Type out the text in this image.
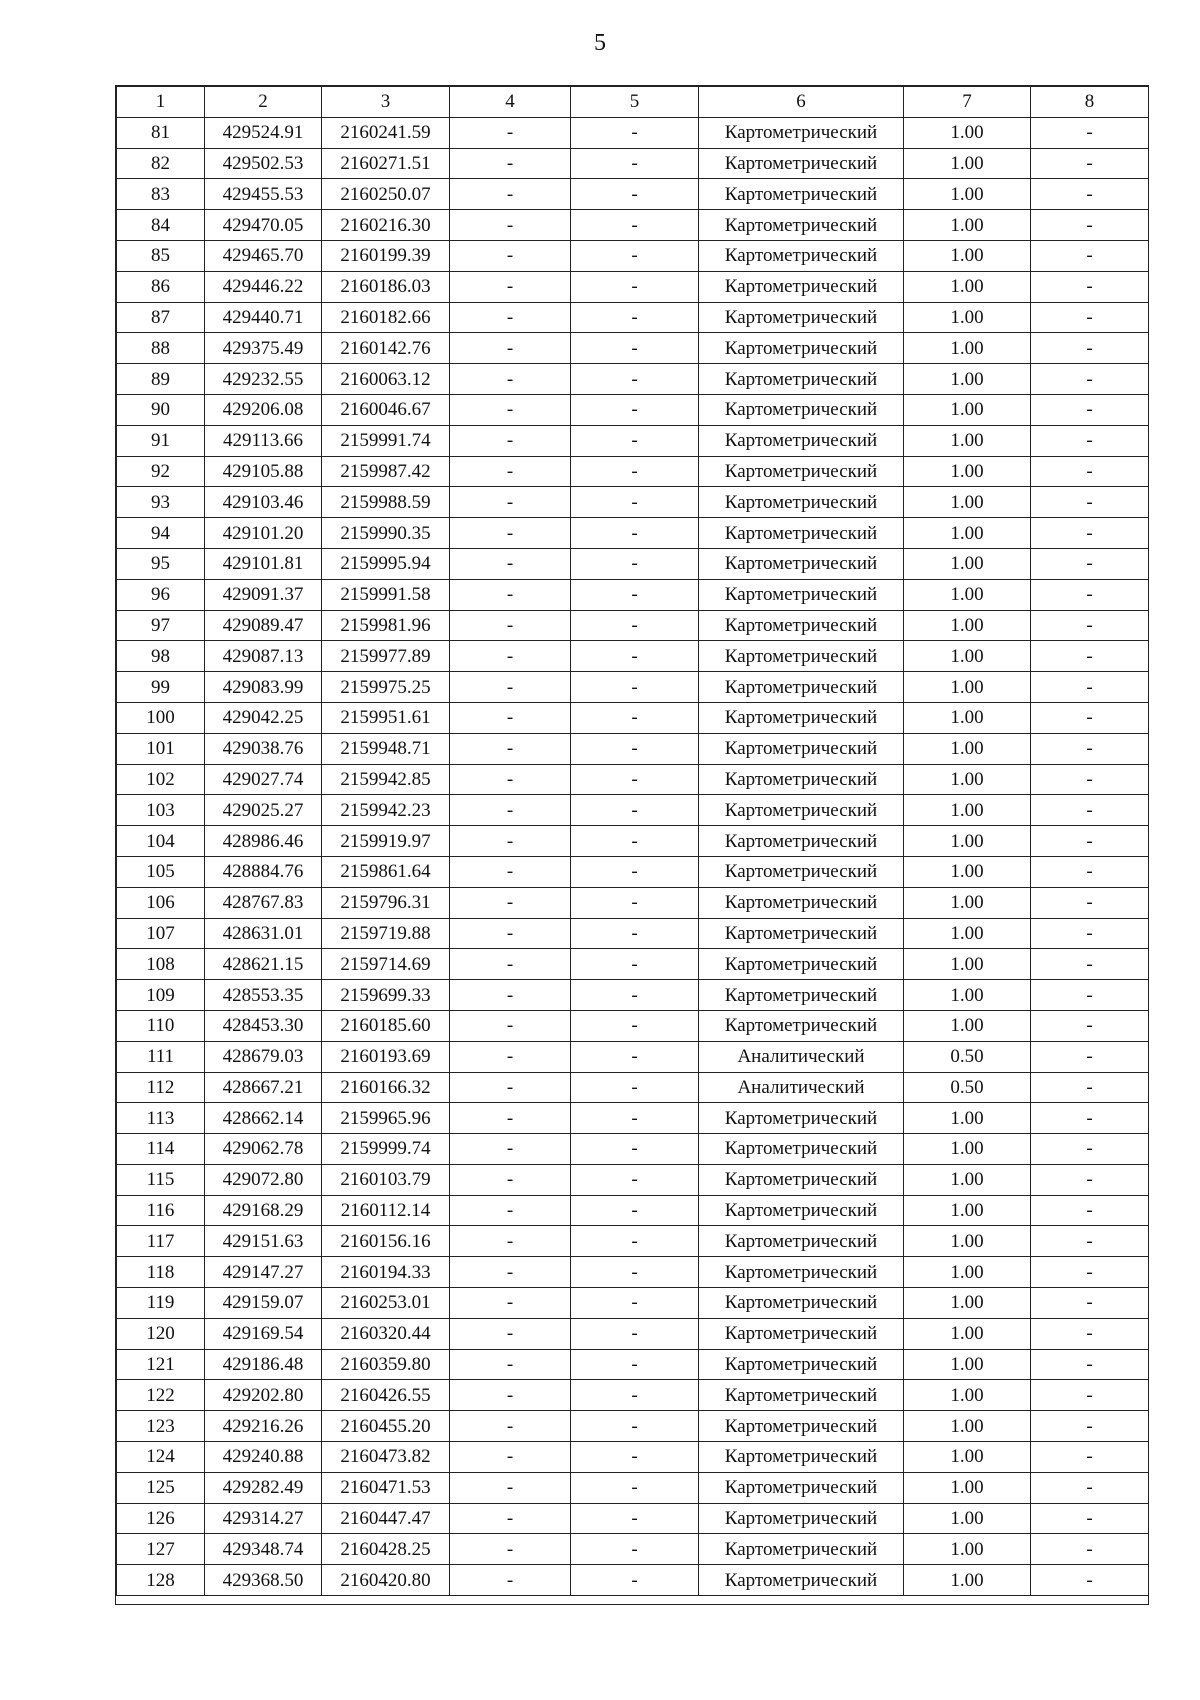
5
1	2	3	4	5	6	7	8
81	429524.91	2160241.59	-	-	Картометрический	1.00	-
82	429502.53	2160271.51	-	-	Картометрический	1.00	-
83	429455.53	2160250.07	-	-	Картометрический	1.00	-
84	429470.05	2160216.30	-	-	Картометрический	1.00	-
85	429465.70	2160199.39	-	-	Картометрический	1.00	-
86	429446.22	2160186.03	-	-	Картометрический	1.00	-
87	429440.71	2160182.66	-	-	Картометрический	1.00	-
88	429375.49	2160142.76	-	-	Картометрический	1.00	-
89	429232.55	2160063.12	-	-	Картометрический	1.00	-
90	429206.08	2160046.67	-	-	Картометрический	1.00	-
91	429113.66	2159991.74	-	-	Картометрический	1.00	-
92	429105.88	2159987.42	-	-	Картометрический	1.00	-
93	429103.46	2159988.59	-	-	Картометрический	1.00	-
94	429101.20	2159990.35	-	-	Картометрический	1.00	-
95	429101.81	2159995.94	-	-	Картометрический	1.00	-
96	429091.37	2159991.58	-	-	Картометрический	1.00	-
97	429089.47	2159981.96	-	-	Картометрический	1.00	-
98	429087.13	2159977.89	-	-	Картометрический	1.00	-
99	429083.99	2159975.25	-	-	Картометрический	1.00	-
100	429042.25	2159951.61	-	-	Картометрический	1.00	-
101	429038.76	2159948.71	-	-	Картометрический	1.00	-
102	429027.74	2159942.85	-	-	Картометрический	1.00	-
103	429025.27	2159942.23	-	-	Картометрический	1.00	-
104	428986.46	2159919.97	-	-	Картометрический	1.00	-
105	428884.76	2159861.64	-	-	Картометрический	1.00	-
106	428767.83	2159796.31	-	-	Картометрический	1.00	-
107	428631.01	2159719.88	-	-	Картометрический	1.00	-
108	428621.15	2159714.69	-	-	Картометрический	1.00	-
109	428553.35	2159699.33	-	-	Картометрический	1.00	-
110	428453.30	2160185.60	-	-	Картометрический	1.00	-
111	428679.03	2160193.69	-	-	Аналитический	0.50	-
112	428667.21	2160166.32	-	-	Аналитический	0.50	-
113	428662.14	2159965.96	-	-	Картометрический	1.00	-
114	429062.78	2159999.74	-	-	Картометрический	1.00	-
115	429072.80	2160103.79	-	-	Картометрический	1.00	-
116	429168.29	2160112.14	-	-	Картометрический	1.00	-
117	429151.63	2160156.16	-	-	Картометрический	1.00	-
118	429147.27	2160194.33	-	-	Картометрический	1.00	-
119	429159.07	2160253.01	-	-	Картометрический	1.00	-
120	429169.54	2160320.44	-	-	Картометрический	1.00	-
121	429186.48	2160359.80	-	-	Картометрический	1.00	-
122	429202.80	2160426.55	-	-	Картометрический	1.00	-
123	429216.26	2160455.20	-	-	Картометрический	1.00	-
124	429240.88	2160473.82	-	-	Картометрический	1.00	-
125	429282.49	2160471.53	-	-	Картометрический	1.00	-
126	429314.27	2160447.47	-	-	Картометрический	1.00	-
127	429348.74	2160428.25	-	-	Картометрический	1.00	-
128	429368.50	2160420.80	-	-	Картометрический	1.00	-
